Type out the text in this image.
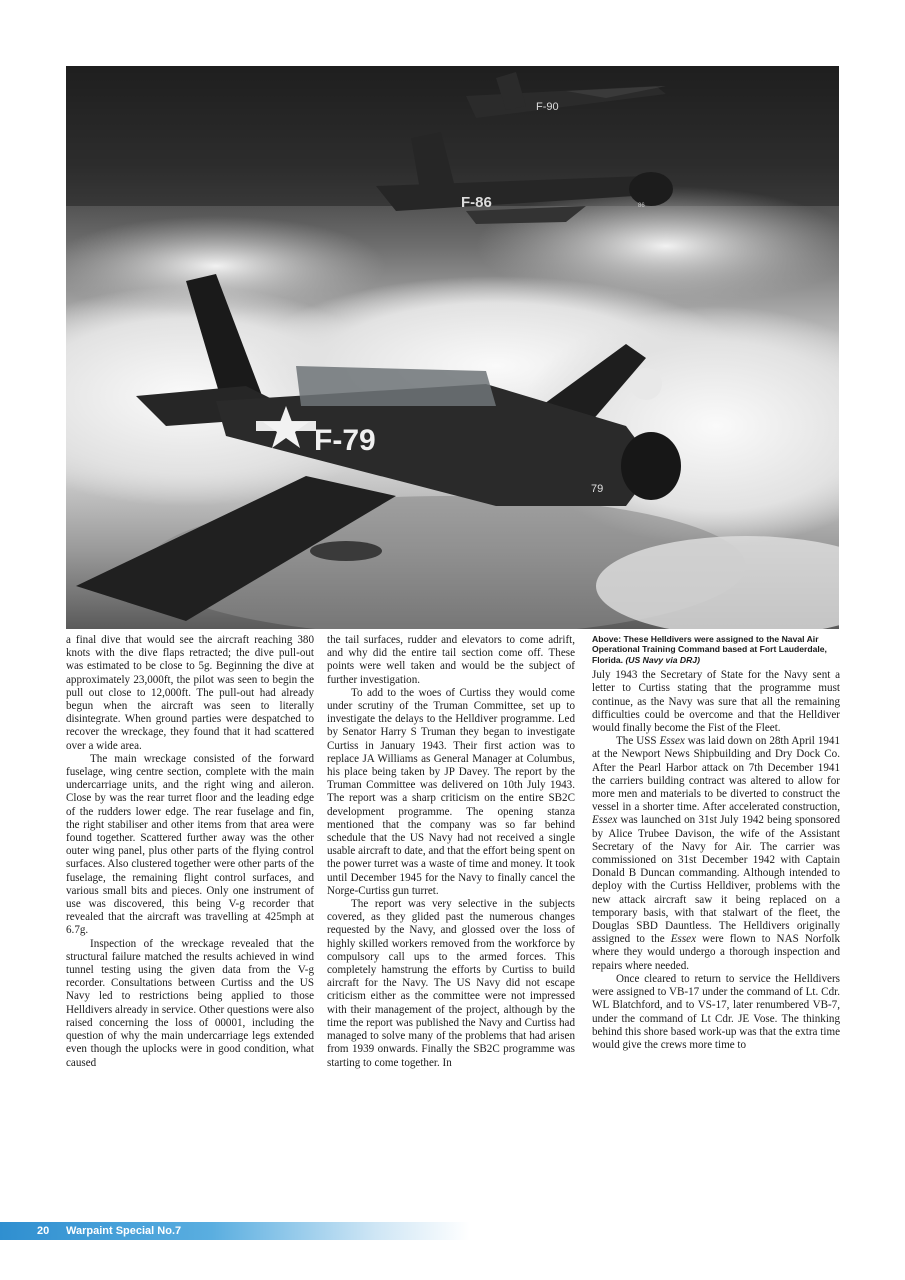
F-90
F-86	86
F-79
79

a final dive that would see the aircraft reaching 380 knots with the dive flaps retracted; the dive pull-out was estimated to be close to 5g. Beginning the dive at approximately 23,000ft, the pilot was seen to begin the pull out close to 12,000ft. The pull-out had already begun when the aircraft was seen to literally disintegrate. When ground parties were despatched to recover the wreckage, they found that it had scattered over a wide area.

The main wreckage consisted of the forward fuselage, wing centre section, complete with the main undercarriage units, and the right wing and aileron. Close by was the rear turret floor and the leading edge of the rudders lower edge. The rear fuselage and fin, the right stabiliser and other items from that area were found together. Scattered further away was the other outer wing panel, plus other parts of the flying control surfaces. Also clustered together were other parts of the fuselage, the remaining flight control surfaces, and various small bits and pieces. Only one instrument of use was discovered, this being V-g recorder that revealed that the aircraft was travelling at 425mph at 6.7g.

Inspection of the wreckage revealed that the structural failure matched the results achieved in wind tunnel testing using the given data from the V-g recorder. Consultations between Curtiss and the US Navy led to restrictions being applied to those Helldivers already in service. Other questions were also raised concerning the loss of 00001, including the question of why the main undercarriage legs extended even though the uplocks were in good condition, what caused

the tail surfaces, rudder and elevators to come adrift, and why did the entire tail section come off. These points were well taken and would be the subject of further investigation.

To add to the woes of Curtiss they would come under scrutiny of the Truman Committee, set up to investigate the delays to the Helldiver programme. Led by Senator Harry S Truman they began to investigate Curtiss in January 1943. Their first action was to replace JA Williams as General Manager at Columbus, his place being taken by JP Davey. The report by the Truman Committee was delivered on 10th July 1943. The report was a sharp criticism on the entire SB2C development programme. The opening stanza mentioned that the company was so far behind schedule that the US Navy had not received a single usable aircraft to date, and that the effort being spent on the power turret was a waste of time and money. It took until December 1945 for the Navy to finally cancel the Norge-Curtiss gun turret.

The report was very selective in the subjects covered, as they glided past the numerous changes requested by the Navy, and glossed over the loss of highly skilled workers removed from the workforce by compulsory call ups to the armed forces. This completely hamstrung the efforts by Curtiss to build aircraft for the Navy. The US Navy did not escape criticism either as the committee were not impressed with their management of the project, although by the time the report was published the Navy and Curtiss had managed to solve many of the problems that had arisen from 1939 onwards. Finally the SB2C programme was starting to come together. In

Above: These Helldivers were assigned to the Naval Air Operational Training Command based at Fort Lauderdale, Florida. (US Navy via DRJ)

July 1943 the Secretary of State for the Navy sent a letter to Curtiss stating that the programme must continue, as the Navy was sure that all the remaining difficulties could be overcome and that the Helldiver would finally become the Fist of the Fleet.

The USS Essex was laid down on 28th April 1941 at the Newport News Shipbuilding and Dry Dock Co. After the Pearl Harbor attack on 7th December 1941 the carriers building contract was altered to allow for more men and materials to be diverted to construct the vessel in a shorter time. After accelerated construction, Essex was launched on 31st July 1942 being sponsored by Alice Trubee Davison, the wife of the Assistant Secretary of the Navy for Air. The carrier was commissioned on 31st December 1942 with Captain Donald B Duncan commanding. Although intended to deploy with the Curtiss Helldiver, problems with the new attack aircraft saw it being replaced on a temporary basis, with that stalwart of the fleet, the Douglas SBD Dauntless. The Helldivers originally assigned to the Essex were flown to NAS Norfolk where they would undergo a thorough inspection and repairs where needed.

Once cleared to return to service the Helldivers were assigned to VB-17 under the command of Lt. Cdr. WL Blatchford, and to VS-17, later renumbered VB-7, under the command of Lt Cdr. JE Vose. The thinking behind this shore based work-up was that the extra time would give the crews more time to

20 Warpaint Special No.7
